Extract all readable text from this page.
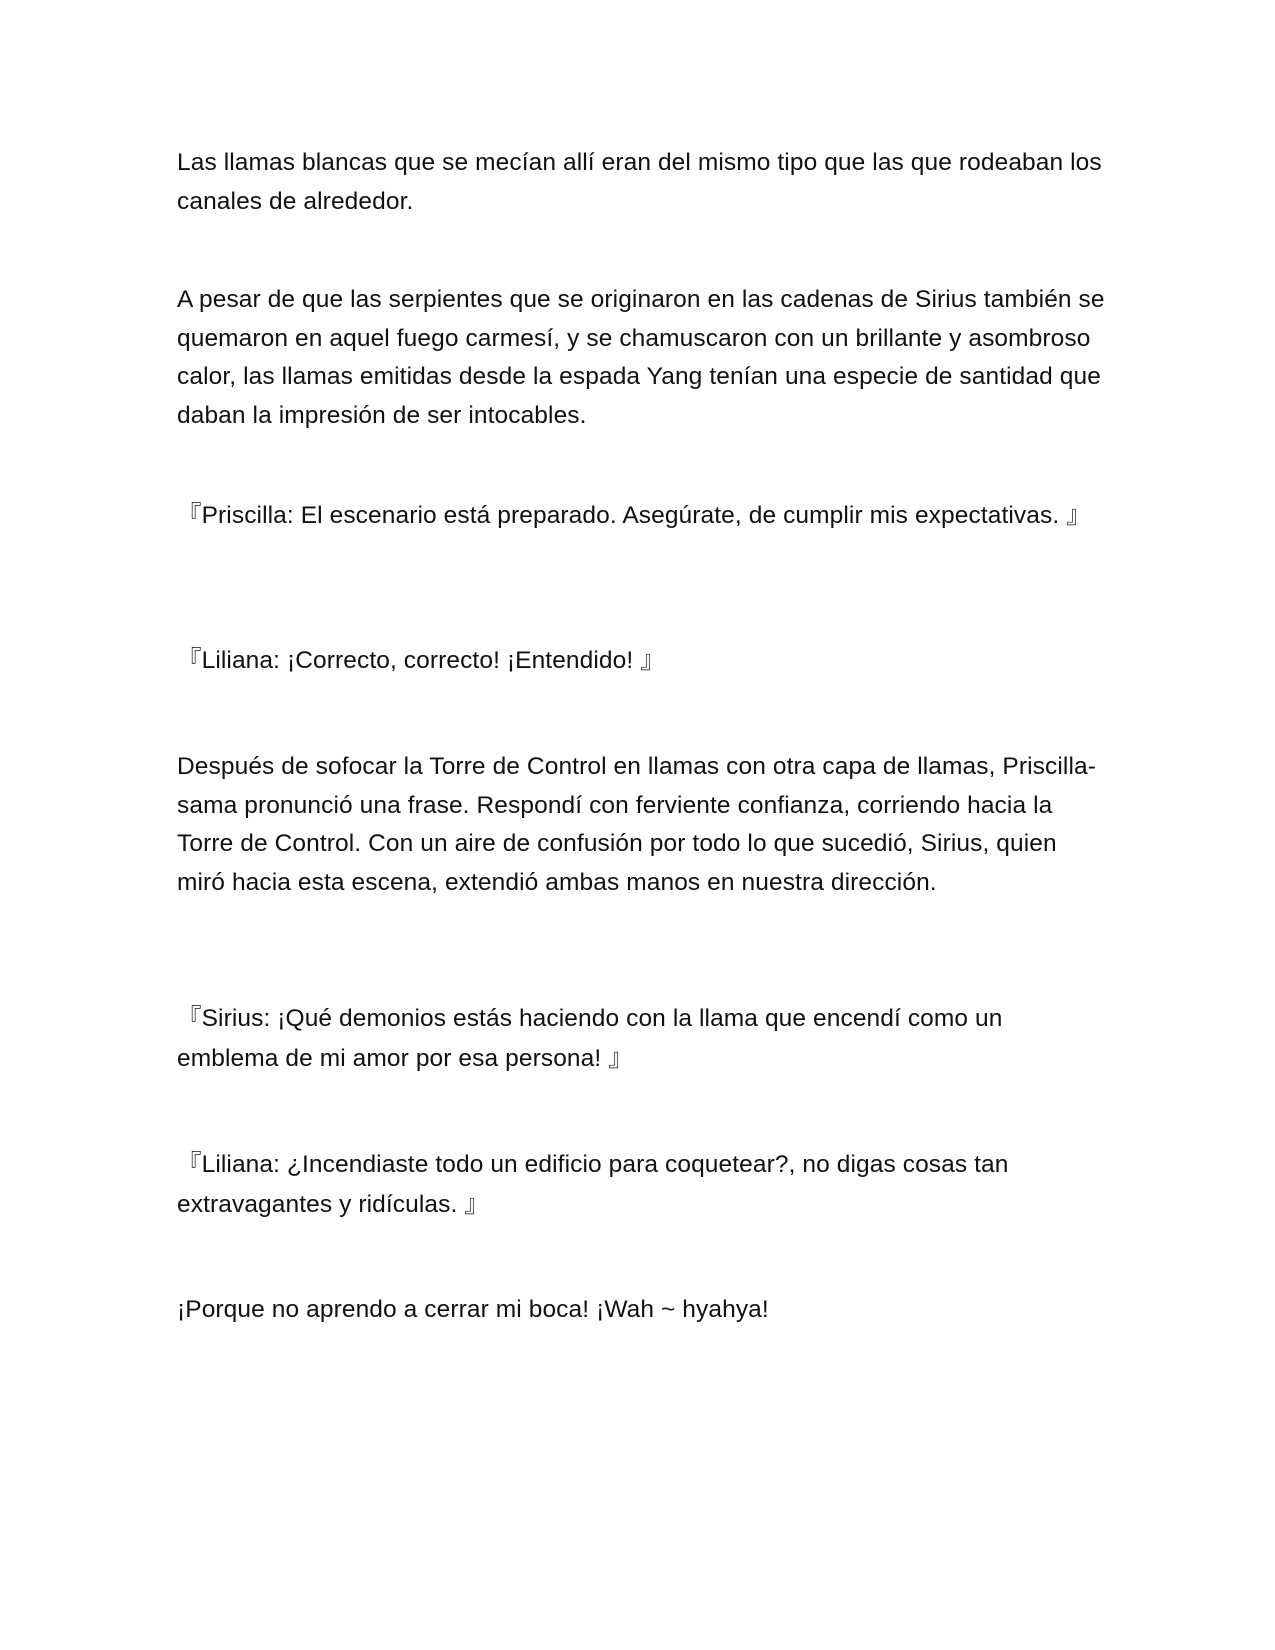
Las llamas blancas que se mecían allí eran del mismo tipo que las que rodeaban los canales de alrededor.

A pesar de que las serpientes que se originaron en las cadenas de Sirius también se quemaron en aquel fuego carmesí, y se chamuscaron con un brillante y asombroso calor, las llamas emitidas desde la espada Yang tenían una especie de santidad que daban la impresión de ser intocables.

『Priscilla: El escenario está preparado. Asegúrate, de cumplir mis expectativas. 』

『Liliana: ¡Correcto, correcto! ¡Entendido! 』

Después de sofocar la Torre de Control en llamas con otra capa de llamas, Priscilla-sama pronunció una frase. Respondí con ferviente confianza, corriendo hacia la Torre de Control. Con un aire de confusión por todo lo que sucedió, Sirius, quien miró hacia esta escena, extendió ambas manos en nuestra dirección.

『Sirius: ¡Qué demonios estás haciendo con la llama que encendí como un emblema de mi amor por esa persona! 』

『Liliana: ¿Incendiaste todo un edificio para coquetear?, no digas cosas tan extravagantes y ridículas. 』

¡Porque no aprendo a cerrar mi boca! ¡Wah ~ hyahya!
